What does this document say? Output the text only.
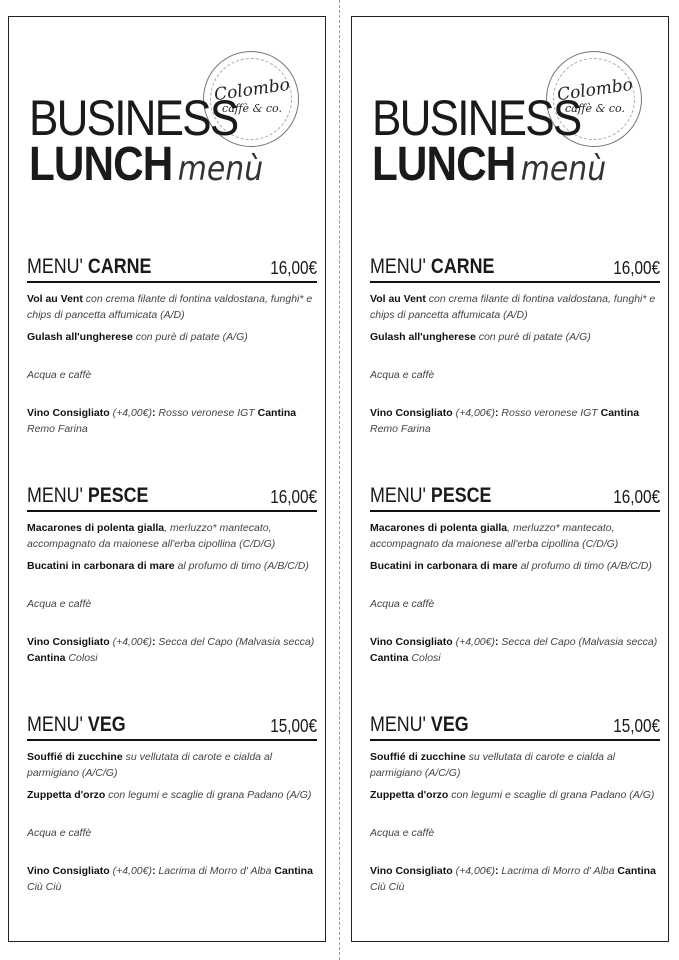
Colombo
caffè & co.
BUSINESS
LUNCH menù
MENU' CARNE	16,00€
Vol au Vent con crema filante di fontina valdostana, funghi* e chips di pancetta affumicata (A/D)
Gulash all'ungherese con purè di patate (A/G)
Acqua e caffè
Vino Consigliato (+4,00€): Rosso veronese IGT Cantina Remo Farina
MENU' PESCE	16,00€
Macarones di polenta gialla, merluzzo* mantecato, accompagnato da maionese all'erba cipollina (C/D/G)
Bucatini in carbonara di mare al profumo di timo (A/B/C/D)
Acqua e caffè
Vino Consigliato (+4,00€): Secca del Capo (Malvasia secca) Cantina Colosi
MENU' VEG	15,00€
Souffié di zucchine su vellutata di carote e cialda al parmigiano (A/C/G)
Zuppetta d'orzo con legumi e scaglie di grana Padano (A/G)
Acqua e caffè
Vino Consigliato (+4,00€): Lacrima di Morro d' Alba Cantina Ciù Ciù
Colombo
caffè & co.
BUSINESS
LUNCH menù
MENU' CARNE	16,00€
Vol au Vent con crema filante di fontina valdostana, funghi* e chips di pancetta affumicata (A/D)
Gulash all'ungherese con purè di patate (A/G)
Acqua e caffè
Vino Consigliato (+4,00€): Rosso veronese IGT Cantina Remo Farina
MENU' PESCE	16,00€
Macarones di polenta gialla, merluzzo* mantecato, accompagnato da maionese all'erba cipollina (C/D/G)
Bucatini in carbonara di mare al profumo di timo (A/B/C/D)
Acqua e caffè
Vino Consigliato (+4,00€): Secca del Capo (Malvasia secca) Cantina Colosi
MENU' VEG	15,00€
Souffié di zucchine su vellutata di carote e cialda al parmigiano (A/C/G)
Zuppetta d'orzo con legumi e scaglie di grana Padano (A/G)
Acqua e caffè
Vino Consigliato (+4,00€): Lacrima di Morro d' Alba Cantina Ciù Ciù
